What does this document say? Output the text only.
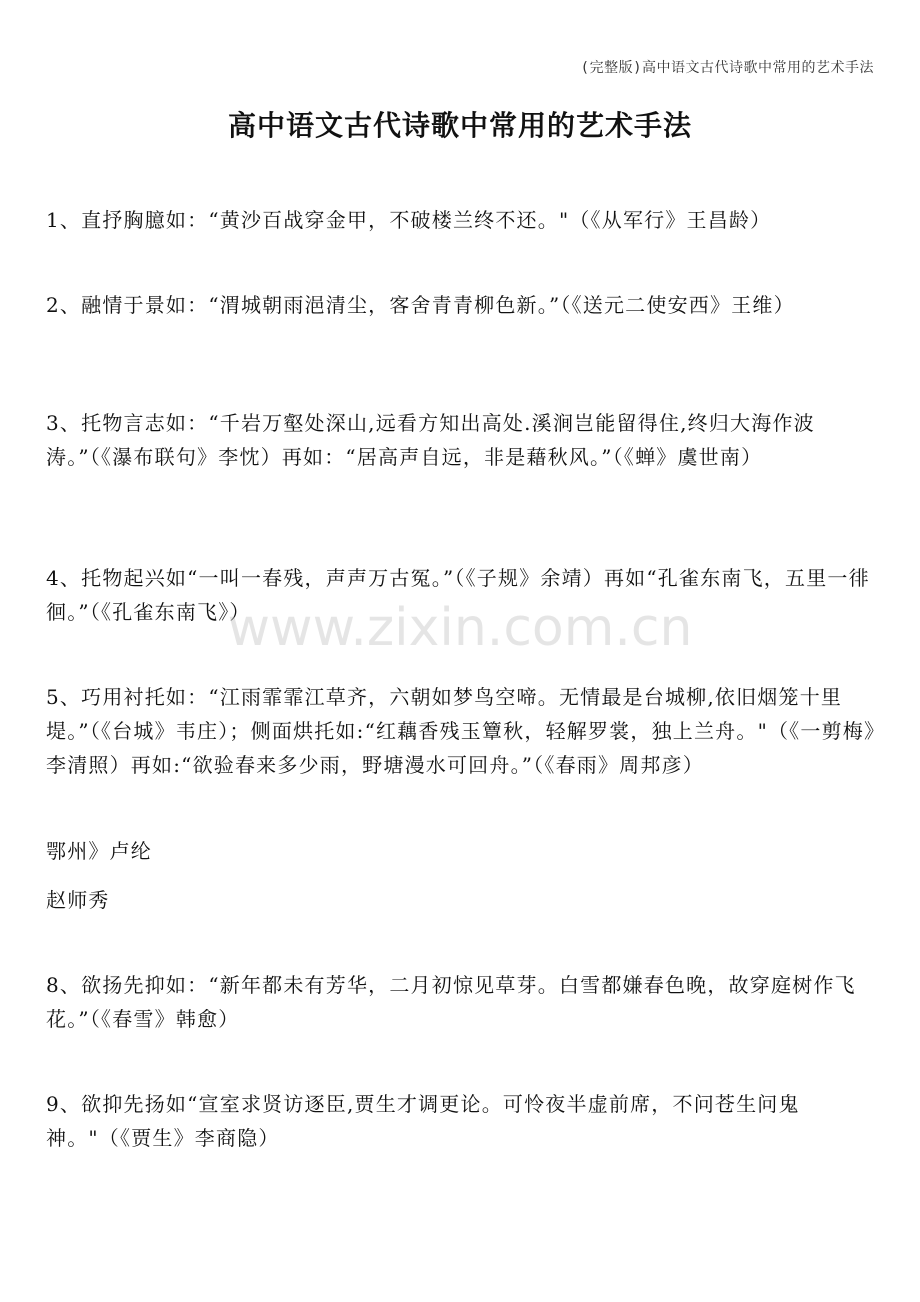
(完整版)高中语文古代诗歌中常用的艺术手法
高中语文古代诗歌中常用的艺术手法

1、直抒胸臆如：“黄沙百战穿金甲，不破楼兰终不还。"（《从军行》王昌龄）

2、融情于景如：“渭城朝雨浥清尘，客舍青青柳色新。”（《送元二使安西》王维）

3、托物言志如：“千岩万壑处深山,远看方知出高处.溪涧岂能留得住,终归大海作波涛。”（《瀑布联句》李忱）再如：“居高声自远，非是藉秋风。”（《蝉》虞世南）

4、托物起兴如“一叫一春残，声声万古冤。”（《子规》余靖）再如“孔雀东南飞，五里一徘徊。”（《孔雀东南飞》）

5、巧用衬托如：“江雨霏霏江草齐，六朝如梦鸟空啼。无情最是台城柳,依旧烟笼十里堤。”（《台城》韦庄）；侧面烘托如:“红藕香残玉簟秋，轻解罗裳，独上兰舟。"（《一剪梅》李清照）再如:“欲验春来多少雨，野塘漫水可回舟。”（《春雨》周邦彦）

鄂州》卢纶

赵师秀

8、欲扬先抑如：“新年都未有芳华，二月初惊见草芽。白雪都嫌春色晚，故穿庭树作飞花。”（《春雪》韩愈）

9、欲抑先扬如“宣室求贤访逐臣,贾生才调更论。可怜夜半虚前席，不问苍生问鬼神。"（《贾生》李商隐）

www.zixin.com.cn
